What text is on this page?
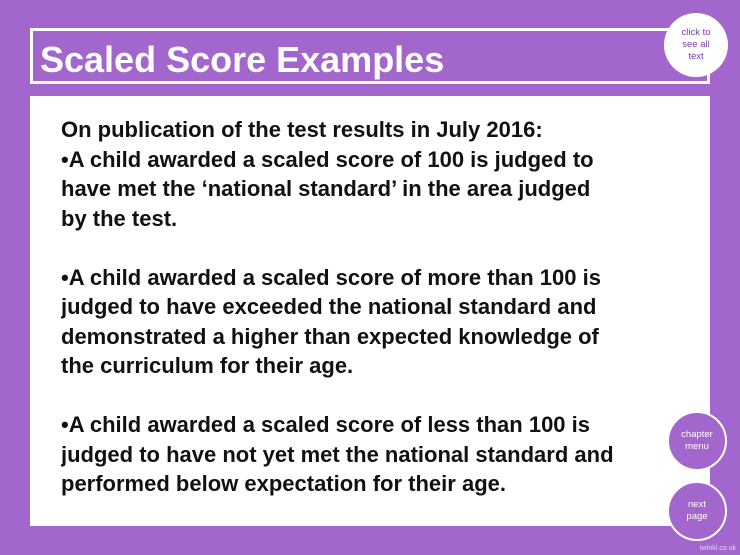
Scaled Score Examples

On publication of the test results in July 2016:

•A child awarded a scaled score of 100 is judged to

have met the ‘national standard’ in the area judged

by the test.

•A child awarded a scaled score of more than 100 is

judged to have exceeded the national standard and

demonstrated a higher than expected knowledge of

the curriculum for their age.

•A child awarded a scaled score of less than 100 is

judged to have not yet met the national standard and

performed below expectation for their age.

click to
see all
text
chapter
menu
next
page
twinkl.co.uk
